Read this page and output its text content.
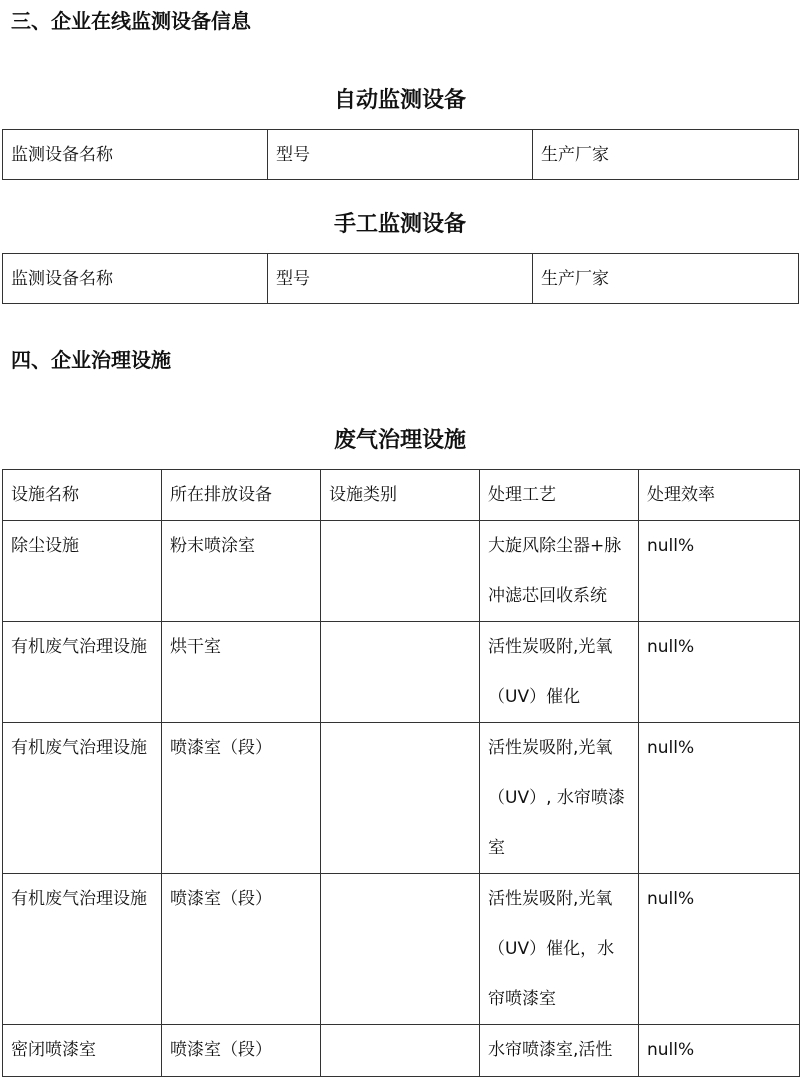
三、企业在线监测设备信息
自动监测设备
监测设备名称	型号	生产厂家
手工监测设备
监测设备名称	型号	生产厂家
四、企业治理设施
废气治理设施
设施名称	所在排放设备	设施类别	处理工艺	处理效率
除尘设施	粉末喷涂室		大旋风除尘器+脉冲滤芯回收系统	null%
有机废气治理设施	烘干室		活性炭吸附,光氧（UV）催化	null%
有机废气治理设施	喷漆室（段）		活性炭吸附,光氧（UV）, 水帘喷漆室	null%
有机废气治理设施	喷漆室（段）		活性炭吸附,光氧（UV）催化，水帘喷漆室	null%
密闭喷漆室	喷漆室（段）		水帘喷漆室,活性	null%
